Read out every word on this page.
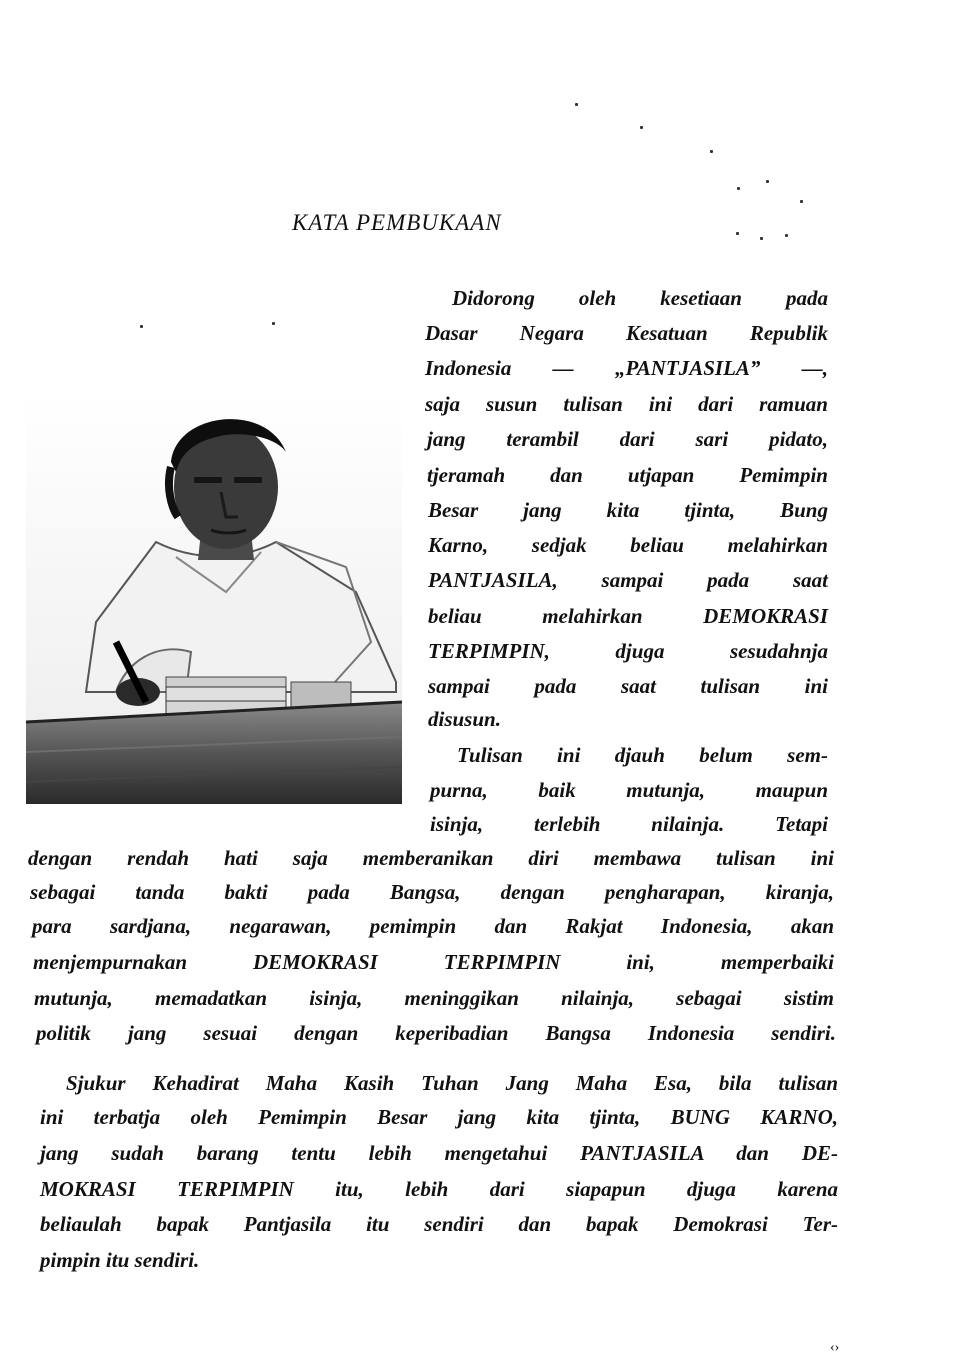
KATA PEMBUKAAN
Didorong oleh kesetiaan pada
Dasar Negara Kesatuan Republik
Indonesia — „PANTJASILA” —,
saja susun tulisan ini dari ramuan
jang terambil dari sari pidato,
tjeramah dan utjapan Pemimpin
Besar jang kita tjinta, Bung
Karno, sedjak beliau melahirkan
PANTJASILA, sampai pada saat
beliau melahirkan DEMOKRASI
TERPIMPIN, djuga sesudahnja
sampai pada saat tulisan ini
disusun.
Tulisan ini djauh belum sem-
purna, baik mutunja, maupun
isinja, terlebih nilainja. Tetapi
dengan rendah hati saja memberanikan diri membawa tulisan ini
sebagai tanda bakti pada Bangsa, dengan pengharapan, kiranja,
para sardjana, negarawan, pemimpin dan Rakjat Indonesia, akan
menjempurnakan DEMOKRASI TERPIMPIN ini, memperbaiki
mutunja, memadatkan isinja, meninggikan nilainja, sebagai sistim
politik jang sesuai dengan keperibadian Bangsa Indonesia sendiri.
Sjukur Kehadirat Maha Kasih Tuhan Jang Maha Esa, bila tulisan
ini terbatja oleh Pemimpin Besar jang kita tjinta, BUNG KARNO,
jang sudah barang tentu lebih mengetahui PANTJASILA dan DE-
MOKRASI TERPIMPIN itu, lebih dari siapapun djuga karena
beliaulah bapak Pantjasila itu sendiri dan bapak Demokrasi Ter-
pimpin itu sendiri.
‹›
